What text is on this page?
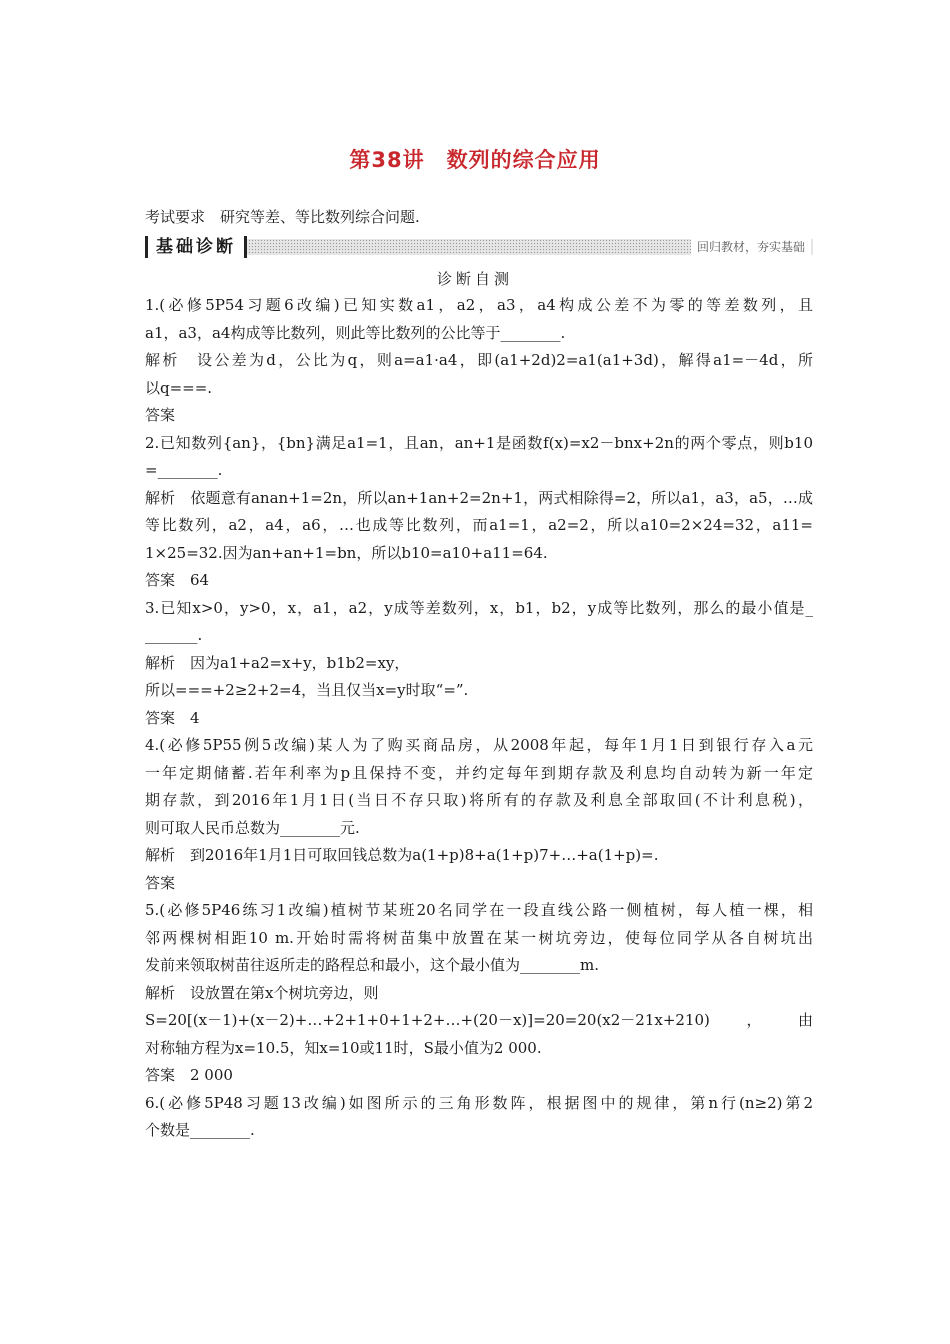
第38讲　数列的综合应用
考试要求　研究等差、等比数列综合问题.
基础诊断	回归教材，夯实基础
诊断自测
1.(必修5P54习题6改编)已知实数a1，a2，a3，a4构成公差不为零的等差数列，且
a1，a3，a4构成等比数列，则此等比数列的公比等于________.
解析　设公差为d，公比为q，则a=a1·a4，即(a1+2d)2=a1(a1+3d)，解得a1=－4d，所
以q===.
答案
2.已知数列{an}，{bn}满足a1=1，且an，an+1是函数f(x)=x2－bnx+2n的两个零点，则b10
=________.
解析　依题意有anan+1=2n，所以an+1an+2=2n+1，两式相除得=2，所以a1，a3，a5，…成
等比数列，a2，a4，a6，…也成等比数列，而a1=1，a2=2，所以a10=2×24=32，a11=
1×25=32.因为an+an+1=bn，所以b10=a10+a11=64.
答案　64
3.已知x>0，y>0，x，a1，a2，y成等差数列，x，b1，b2，y成等比数列，那么的最小值是_
_______.
解析　因为a1+a2=x+y，b1b2=xy，
所以===+2≥2+2=4，当且仅当x=y时取“=”.
答案　4
4.(必修5P55例5改编)某人为了购买商品房，从2008年起，每年1月1日到银行存入a元
一年定期储蓄.若年利率为p且保持不变，并约定每年到期存款及利息均自动转为新一年定
期存款，到2016年1月1日(当日不存只取)将所有的存款及利息全部取回(不计利息税)，
则可取人民币总数为________元.
解析　到2016年1月1日可取回钱总数为a(1+p)8+a(1+p)7+…+a(1+p)=.
答案
5.(必修5P46练习1改编)植树节某班20名同学在一段直线公路一侧植树，每人植一棵，相
邻两棵树相距10 m.开始时需将树苗集中放置在某一树坑旁边，使每位同学从各自树坑出
发前来领取树苗往返所走的路程总和最小，这个最小值为________m.
解析　设放置在第x个树坑旁边，则
S=20[(x－1)+(x－2)+…+2+1+0+1+2+…+(20－x)]=20=20(x2－21x+210)，由
对称轴方程为x=10.5，知x=10或11时，S最小值为2 000.
答案　2 000
6.(必修5P48习题13改编)如图所示的三角形数阵，根据图中的规律，第n行(n≥2)第2
个数是________.
